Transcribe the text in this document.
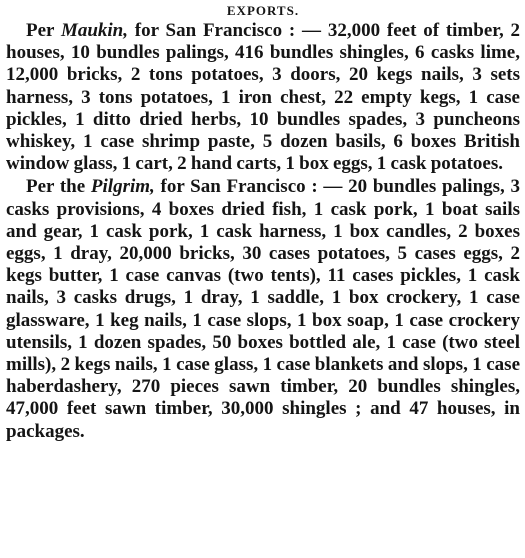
EXPORTS.

Per Maukin, for San Francisco : — 32,000 feet of timber, 2 houses, 10 bundles palings, 416 bundles shingles, 6 casks lime, 12,000 bricks, 2 tons potatoes, 3 doors, 20 kegs nails, 3 sets harness, 3 tons potatoes, 1 iron chest, 22 empty kegs, 1 case pickles, 1 ditto dried herbs, 10 bundles spades, 3 puncheons whiskey, 1 case shrimp paste, 5 dozen basils, 6 boxes British window glass, 1 cart, 2 hand carts, 1 box eggs, 1 cask potatoes.

Per the Pilgrim, for San Francisco : — 20 bundles palings, 3 casks provisions, 4 boxes dried fish, 1 cask pork, 1 boat sails and gear, 1 cask pork, 1 cask harness, 1 box candles, 2 boxes eggs, 1 dray, 20,000 bricks, 30 cases potatoes, 5 cases eggs, 2 kegs butter, 1 case canvas (two tents), 11 cases pickles, 1 cask nails, 3 casks drugs, 1 dray, 1 saddle, 1 box crockery, 1 case glassware, 1 keg nails, 1 case slops, 1 box soap, 1 case crockery utensils, 1 dozen spades, 50 boxes bottled ale, 1 case (two steel mills), 2 kegs nails, 1 case glass, 1 case blankets and slops, 1 case haberdashery, 270 pieces sawn timber, 20 bundles shingles, 47,000 feet sawn timber, 30,000 shingles ; and 47 houses, in packages.
